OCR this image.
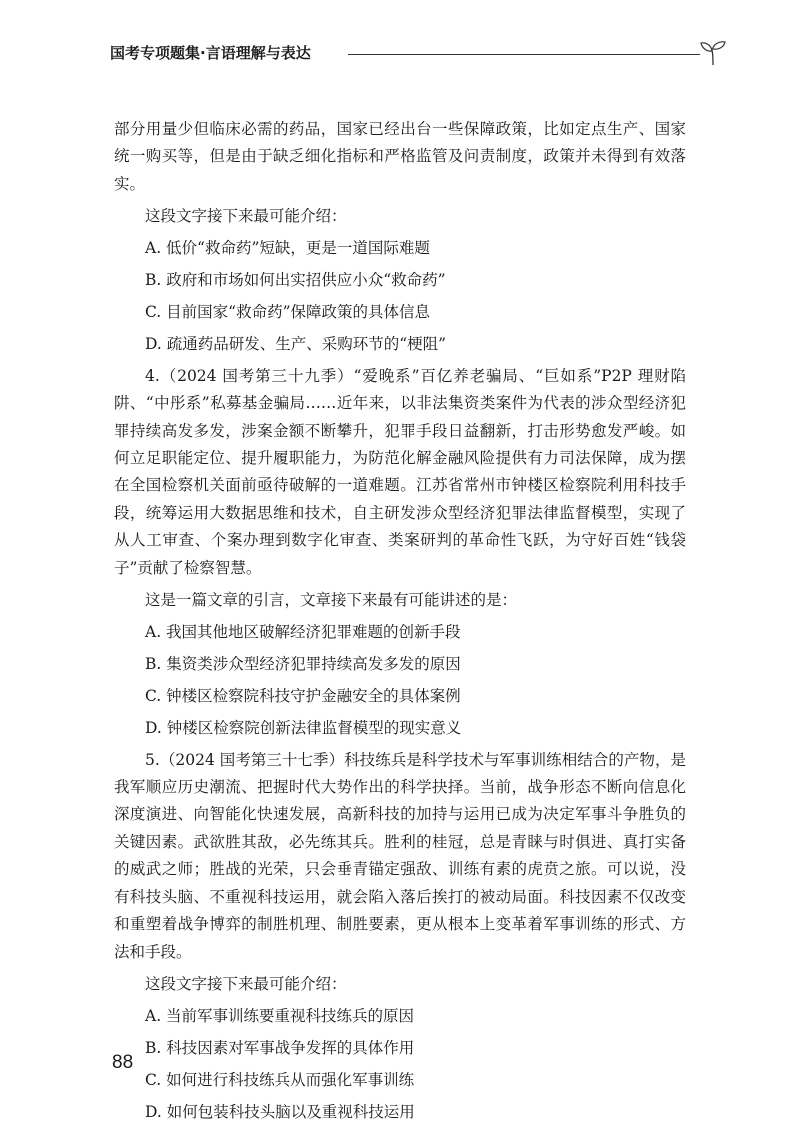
国考专项题集·言语理解与表达

部分用量少但临床必需的药品，国家已经出台一些保障政策，比如定点生产、国家统一购买等，但是由于缺乏细化指标和严格监管及问责制度，政策并未得到有效落实。

这段文字接下来最可能介绍：

A. 低价“救命药”短缺，更是一道国际难题

B. 政府和市场如何出实招供应小众“救命药”

C. 目前国家“救命药”保障政策的具体信息

D. 疏通药品研发、生产、采购环节的“梗阻”

4.（2024 国考第三十九季）“爱晚系”百亿养老骗局、“巨如系”P2P 理财陷阱、“中彤系”私募基金骗局……近年来，以非法集资类案件为代表的涉众型经济犯罪持续高发多发，涉案金额不断攀升，犯罪手段日益翻新，打击形势愈发严峻。如何立足职能定位、提升履职能力，为防范化解金融风险提供有力司法保障，成为摆在全国检察机关面前亟待破解的一道难题。江苏省常州市钟楼区检察院利用科技手段，统筹运用大数据思维和技术，自主研发涉众型经济犯罪法律监督模型，实现了从人工审查、个案办理到数字化审查、类案研判的革命性飞跃，为守好百姓“钱袋子”贡献了检察智慧。

这是一篇文章的引言，文章接下来最有可能讲述的是：

A. 我国其他地区破解经济犯罪难题的创新手段

B. 集资类涉众型经济犯罪持续高发多发的原因

C. 钟楼区检察院科技守护金融安全的具体案例

D. 钟楼区检察院创新法律监督模型的现实意义

5.（2024 国考第三十七季）科技练兵是科学技术与军事训练相结合的产物，是我军顺应历史潮流、把握时代大势作出的科学抉择。当前，战争形态不断向信息化深度演进、向智能化快速发展，高新科技的加持与运用已成为决定军事斗争胜负的关键因素。武欲胜其敌，必先练其兵。胜利的桂冠，总是青睐与时俱进、真打实备的威武之师；胜战的光荣，只会垂青锚定强敌、训练有素的虎贲之旅。可以说，没有科技头脑、不重视科技运用，就会陷入落后挨打的被动局面。科技因素不仅改变和重塑着战争博弈的制胜机理、制胜要素，更从根本上变革着军事训练的形式、方法和手段。

这段文字接下来最可能介绍：

A. 当前军事训练要重视科技练兵的原因

B. 科技因素对军事战争发挥的具体作用

C. 如何进行科技练兵从而强化军事训练

D. 如何包装科技头脑以及重视科技运用

88
